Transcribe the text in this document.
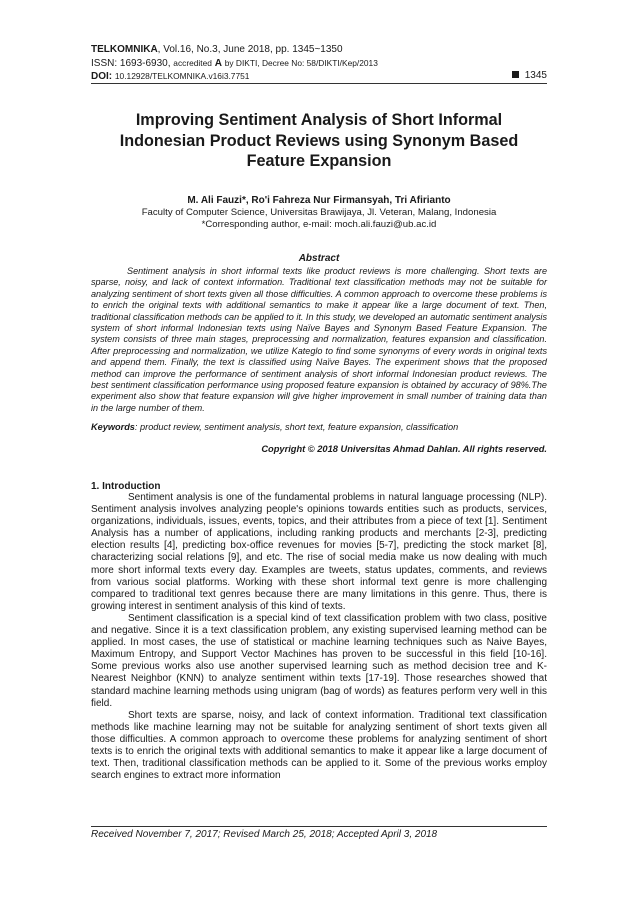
TELKOMNIKA, Vol.16, No.3, June 2018, pp. 1345~1350
ISSN: 1693-6930, accredited A by DIKTI, Decree No: 58/DIKTI/Kep/2013
DOI: 10.12928/TELKOMNIKA.v16i3.7751	1345
Improving Sentiment Analysis of Short Informal
Indonesian Product Reviews using Synonym Based
Feature Expansion
M. Ali Fauzi*, Ro'i Fahreza Nur Firmansyah, Tri Afirianto
Faculty of Computer Science, Universitas Brawijaya, Jl. Veteran, Malang, Indonesia
*Corresponding author, e-mail: moch.ali.fauzi@ub.ac.id
Abstract
Sentiment analysis in short informal texts like product reviews is more challenging. Short texts are sparse, noisy, and lack of context information. Traditional text classification methods may not be suitable for analyzing sentiment of short texts given all those difficulties. A common approach to overcome these problems is to enrich the original texts with additional semantics to make it appear like a large document of text. Then, traditional classification methods can be applied to it. In this study, we developed an automatic sentiment analysis system of short informal Indonesian texts using Naïve Bayes and Synonym Based Feature Expansion. The system consists of three main stages, preprocessing and normalization, features expansion and classification. After preprocessing and normalization, we utilize Kateglo to find some synonyms of every words in original texts and append them. Finally, the text is classified using Naïve Bayes. The experiment shows that the proposed method can improve the performance of sentiment analysis of short informal Indonesian product reviews. The best sentiment classification performance using proposed feature expansion is obtained by accuracy of 98%.The experiment also show that feature expansion will give higher improvement in small number of training data than in the large number of them.
Keywords: product review, sentiment analysis, short text, feature expansion, classification
Copyright © 2018 Universitas Ahmad Dahlan. All rights reserved.
1. Introduction

Sentiment analysis is one of the fundamental problems in natural language processing (NLP). Sentiment analysis involves analyzing people's opinions towards entities such as products, services, organizations, individuals, issues, events, topics, and their attributes from a piece of text [1]. Sentiment Analysis has a number of applications, including ranking products and merchants [2-3], predicting election results [4], predicting box-office revenues for movies [5-7], predicting the stock market [8], characterizing social relations [9], and etc. The rise of social media make us now dealing with much more short informal texts every day. Examples are tweets, status updates, comments, and reviews from various social platforms. Working with these short informal text genre is more challenging compared to traditional text genres because there are many limitations in this genre. Thus, there is growing interest in sentiment analysis of this kind of texts.

Sentiment classification is a special kind of text classification problem with two class, positive and negative. Since it is a text classification problem, any existing supervised learning method can be applied. In most cases, the use of statistical or machine learning techniques such as Naive Bayes, Maximum Entropy, and Support Vector Machines has proven to be successful in this field [10-16]. Some previous works also use another supervised learning such as method decision tree and K-Nearest Neighbor (KNN) to analyze sentiment within texts [17-19]. Those researches showed that standard machine learning methods using unigram (bag of words) as features perform very well in this field.

Short texts are sparse, noisy, and lack of context information. Traditional text classification methods like machine learning may not be suitable for analyzing sentiment of short texts given all those difficulties. A common approach to overcome these problems for analyzing sentiment of short texts is to enrich the original texts with additional semantics to make it appear like a large document of text. Then, traditional classification methods can be applied to it. Some of the previous works employ search engines to extract more information

Received November 7, 2017; Revised March 25, 2018; Accepted April 3, 2018
